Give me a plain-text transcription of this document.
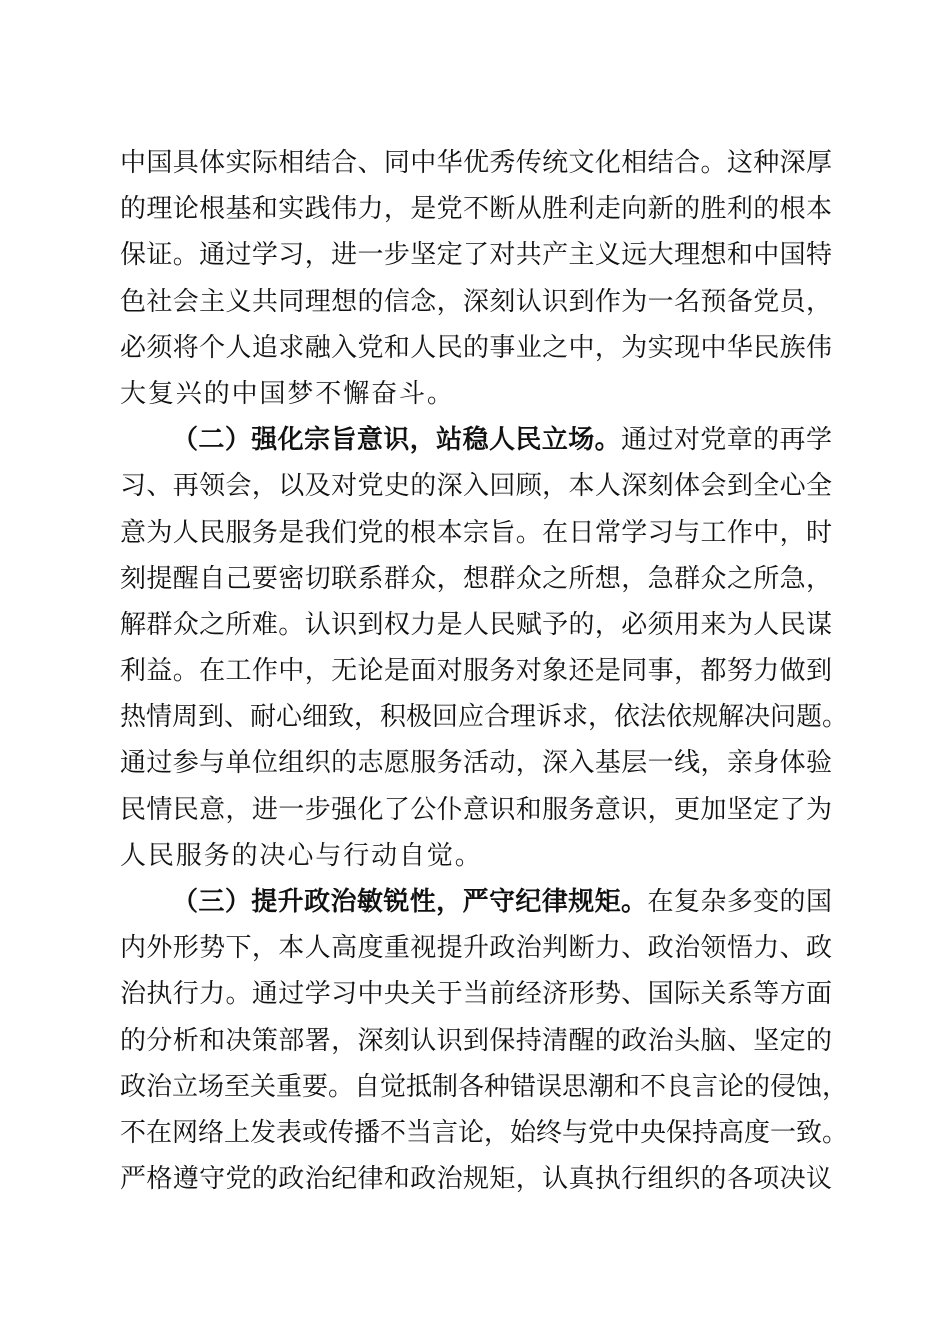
中国具体实际相结合、同中华优秀传统文化相结合。这种深厚
的理论根基和实践伟力，是党不断从胜利走向新的胜利的根本
保证。通过学习，进一步坚定了对共产主义远大理想和中国特
色社会主义共同理想的信念，深刻认识到作为一名预备党员，
必须将个人追求融入党和人民的事业之中，为实现中华民族伟
大复兴的中国梦不懈奋斗。
（二）强化宗旨意识，站稳人民立场。通过对党章的再学
习、再领会，以及对党史的深入回顾，本人深刻体会到全心全
意为人民服务是我们党的根本宗旨。在日常学习与工作中，时
刻提醒自己要密切联系群众，想群众之所想，急群众之所急，
解群众之所难。认识到权力是人民赋予的，必须用来为人民谋
利益。在工作中，无论是面对服务对象还是同事，都努力做到
热情周到、耐心细致，积极回应合理诉求，依法依规解决问题。
通过参与单位组织的志愿服务活动，深入基层一线，亲身体验
民情民意，进一步强化了公仆意识和服务意识，更加坚定了为
人民服务的决心与行动自觉。
（三）提升政治敏锐性，严守纪律规矩。在复杂多变的国
内外形势下，本人高度重视提升政治判断力、政治领悟力、政
治执行力。通过学习中央关于当前经济形势、国际关系等方面
的分析和决策部署，深刻认识到保持清醒的政治头脑、坚定的
政治立场至关重要。自觉抵制各种错误思潮和不良言论的侵蚀，
不在网络上发表或传播不当言论，始终与党中央保持高度一致。
严格遵守党的政治纪律和政治规矩，认真执行组织的各项决议
